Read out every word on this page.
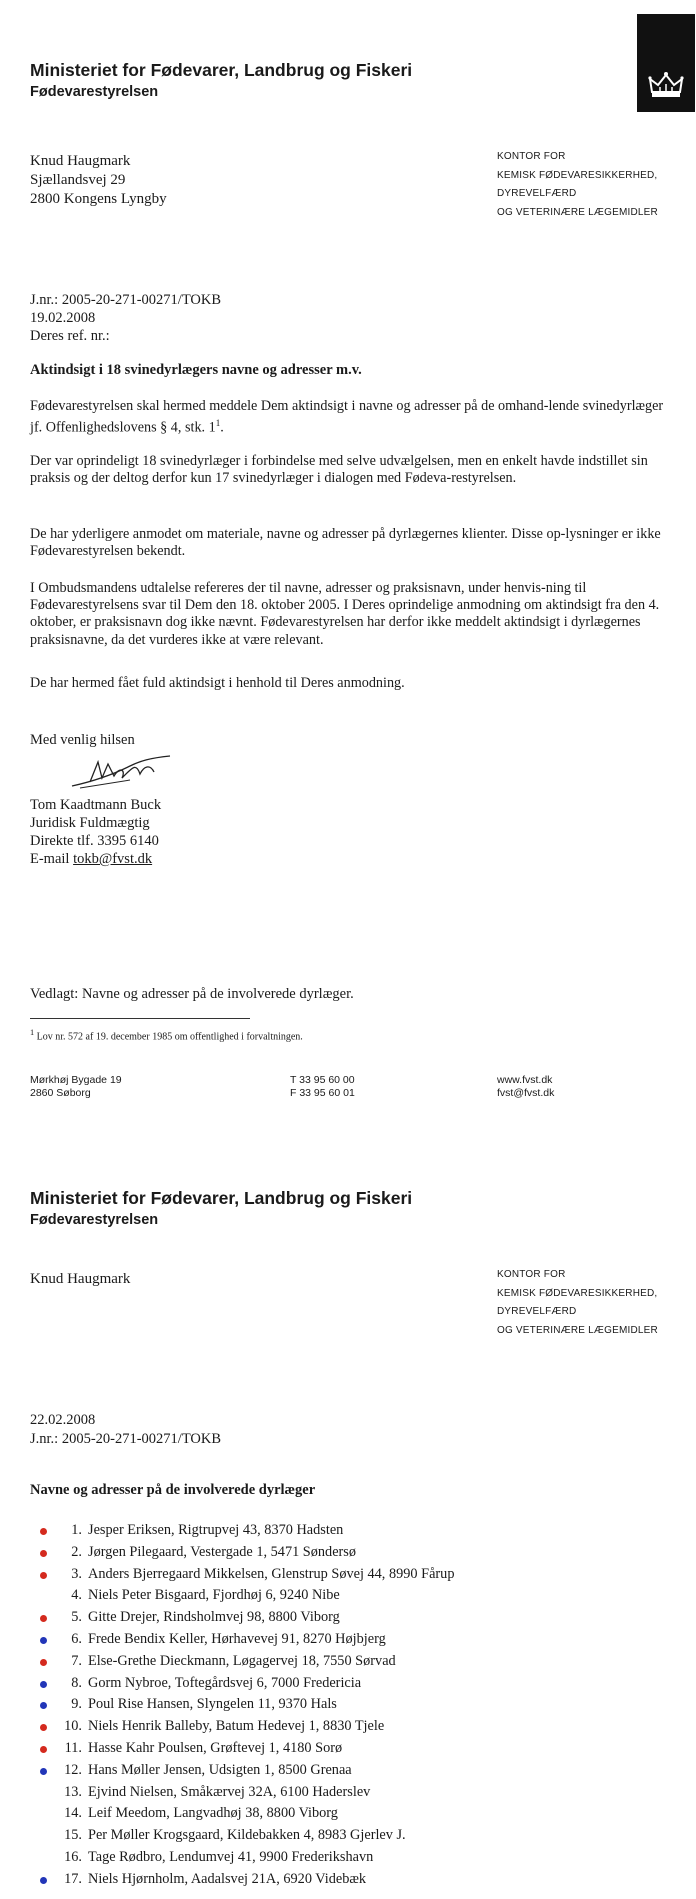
Ministeriet for Fødevarer, Landbrug og Fiskeri
Fødevarestyrelsen
Knud Haugmark
Sjællandsvej 29
2800 Kongens Lyngby
KONTOR FOR
KEMISK FØDEVARESIKKERHED,
DYREVELFÆRD
OG VETERINÆRE LÆGEMIDLER
J.nr.: 2005-20-271-00271/TOKB
19.02.2008
Deres ref. nr.:
Aktindsigt i 18 svinedyrlægers navne og adresser m.v.

Fødevarestyrelsen skal hermed meddele Dem aktindsigt i navne og adresser på de omhand-lende svinedyrlæger jf. Offenlighedslovens § 4, stk. $1^1$.

Der var oprindeligt 18 svinedyrlæger i forbindelse med selve udvælgelsen, men en enkelt havde indstillet sin praksis og der deltog derfor kun 17 svinedyrlæger i dialogen med Fødeva-restyrelsen.

De har yderligere anmodet om materiale, navne og adresser på dyrlægernes klienter. Disse op-lysninger er ikke Fødevarestyrelsen bekendt.

I Ombudsmandens udtalelse refereres der til navne, adresser og praksisnavn, under henvis-ning til Fødevarestyrelsens svar til Dem den 18. oktober 2005. I Deres oprindelige anmodning om aktindsigt fra den 4. oktober, er praksisnavn dog ikke nævnt. Fødevarestyrelsen har derfor ikke meddelt aktindsigt i dyrlægernes praksisnavne, da det vurderes ikke at være relevant.

De har hermed fået fuld aktindsigt i henhold til Deres anmodning.

Med venlig hilsen
Tom Kaadtmann Buck
Juridisk Fuldmægtig
Direkte tlf. 3395 6140
E-mail tokb@fvst.dk
Vedlagt: Navne og adresser på de involverede dyrlæger.
$^1$ Lov nr. 572 af 19. december 1985 om offentlighed i forvaltningen.
Mørkhøj Bygade 19
2860 Søborg
T 33 95 60 00
F 33 95 60 01
www.fvst.dk
fvst@fvst.dk
Ministeriet for Fødevarer, Landbrug og Fiskeri
Fødevarestyrelsen
Knud Haugmark	KONTOR FOR
KEMISK FØDEVARESIKKERHED,
DYREVELFÆRD
OG VETERINÆRE LÆGEMIDLER
22.02.2008
J.nr.: 2005-20-271-00271/TOKB
Navne og adresser på de involverede dyrlæger
1. Jesper Eriksen, Rigtrupvej 43, 8370 Hadsten
2. Jørgen Pilegaard, Vestergade 1, 5471 Søndersø
3. Anders Bjerregaard Mikkelsen, Glenstrup Søvej 44, 8990 Fårup
4. Niels Peter Bisgaard, Fjordhøj 6, 9240 Nibe
5. Gitte Drejer, Rindsholmvej 98, 8800 Viborg
6. Frede Bendix Keller, Hørhavevej 91, 8270 Højbjerg
7. Else-Grethe Dieckmann, Løgagervej 18, 7550 Sørvad
8. Gorm Nybroe, Toftegårdsvej 6, 7000 Fredericia
9. Poul Rise Hansen, Slyngelen 11, 9370 Hals
10. Niels Henrik Balleby, Batum Hedevej 1, 8830 Tjele
11. Hasse Kahr Poulsen, Grøftevej 1, 4180 Sorø
12. Hans Møller Jensen, Udsigten 1, 8500 Grenaa
13. Ejvind Nielsen, Småkærvej 32A, 6100 Haderslev
14. Leif Meedom, Langvadhøj 38, 8800 Viborg
15. Per Møller Krogsgaard, Kildebakken 4, 8983 Gjerlev J.
16. Tage Rødbro, Lendumvej 41, 9900 Frederikshavn
17. Niels Hjørnholm, Aadalsvej 21A, 6920 Videbæk
